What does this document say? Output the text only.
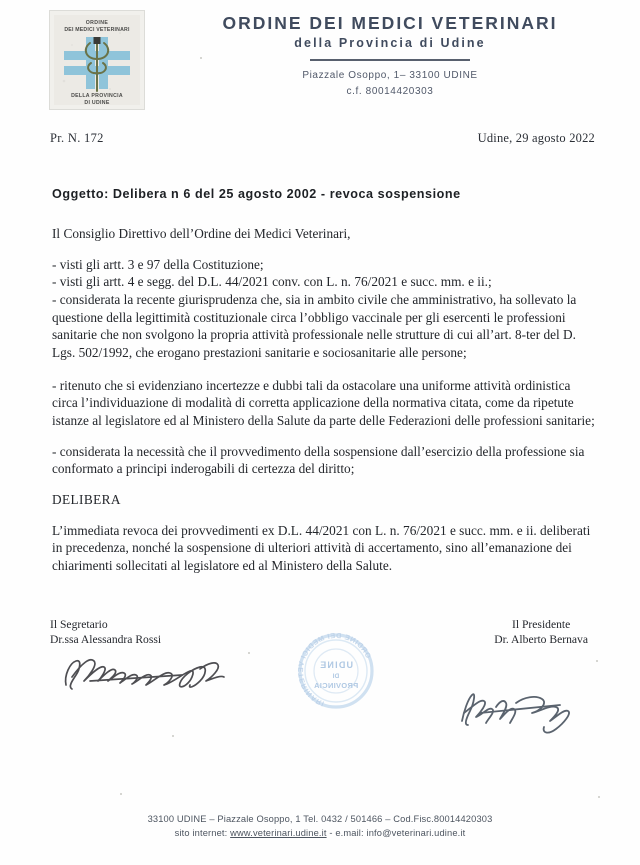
ORDINE
DEI MEDICI VETERINARI
DELLA PROVINCIA
DI UDINE
ORDINE DEI MEDICI VETERINARI
della Provincia di Udine
Piazzale Osoppo, 1– 33100 UDINE
c.f. 80014420303
Pr. N. 172	Udine, 29 agosto 2022
Oggetto: Delibera n 6 del 25 agosto 2002 - revoca sospensione

Il Consiglio Direttivo dell’Ordine dei Medici Veterinari,

- visti gli artt. 3 e 97 della Costituzione;

- visti gli artt. 4 e segg. del D.L. 44/2021 conv. con L. n. 76/2021 e succ. mm. e ii.;

- considerata la recente giurisprudenza che, sia in ambito civile che amministrativo, ha sollevato la questione della legittimità costituzionale circa l’obbligo vaccinale per gli esercenti le professioni sanitarie che non svolgono la propria attività professionale nelle strutture di cui all’art. 8-ter del D. Lgs. 502/1992, che erogano prestazioni sanitarie e sociosanitarie alle persone;

- ritenuto che si evidenziano incertezze e dubbi tali da ostacolare una uniforme attività ordinistica circa l’individuazione di modalità di corretta applicazione della normativa citata, come da ripetute istanze al legislatore ed al Ministero della Salute da parte delle Federazioni delle professioni sanitarie;

- considerata la necessità che il provvedimento della sospensione dall’esercizio della professione sia conformato a principi inderogabili di certezza del diritto;

DELIBERA

L’immediata revoca dei provvedimenti ex D.L. 44/2021 con L. n. 76/2021 e succ. mm. e ii. deliberati in precedenza, nonché la sospensione di ulteriori attività di accertamento, sino all’emanazione dei chiarimenti sollecitati al legislatore ed al Ministero della Salute.

Il Segretario
Dr.ssa Alessandra Rossi
Il Presidente
Dr. Alberto Bernava
ORDINE DEI MEDICI VETERINARI
UDINE
DI
PROVINCIA
33100 UDINE – Piazzale Osoppo, 1 Tel. 0432 / 501466 – Cod.Fisc.80014420303
sito internet: www.veterinari.udine.it - e.mail: info@veterinari.udine.it
